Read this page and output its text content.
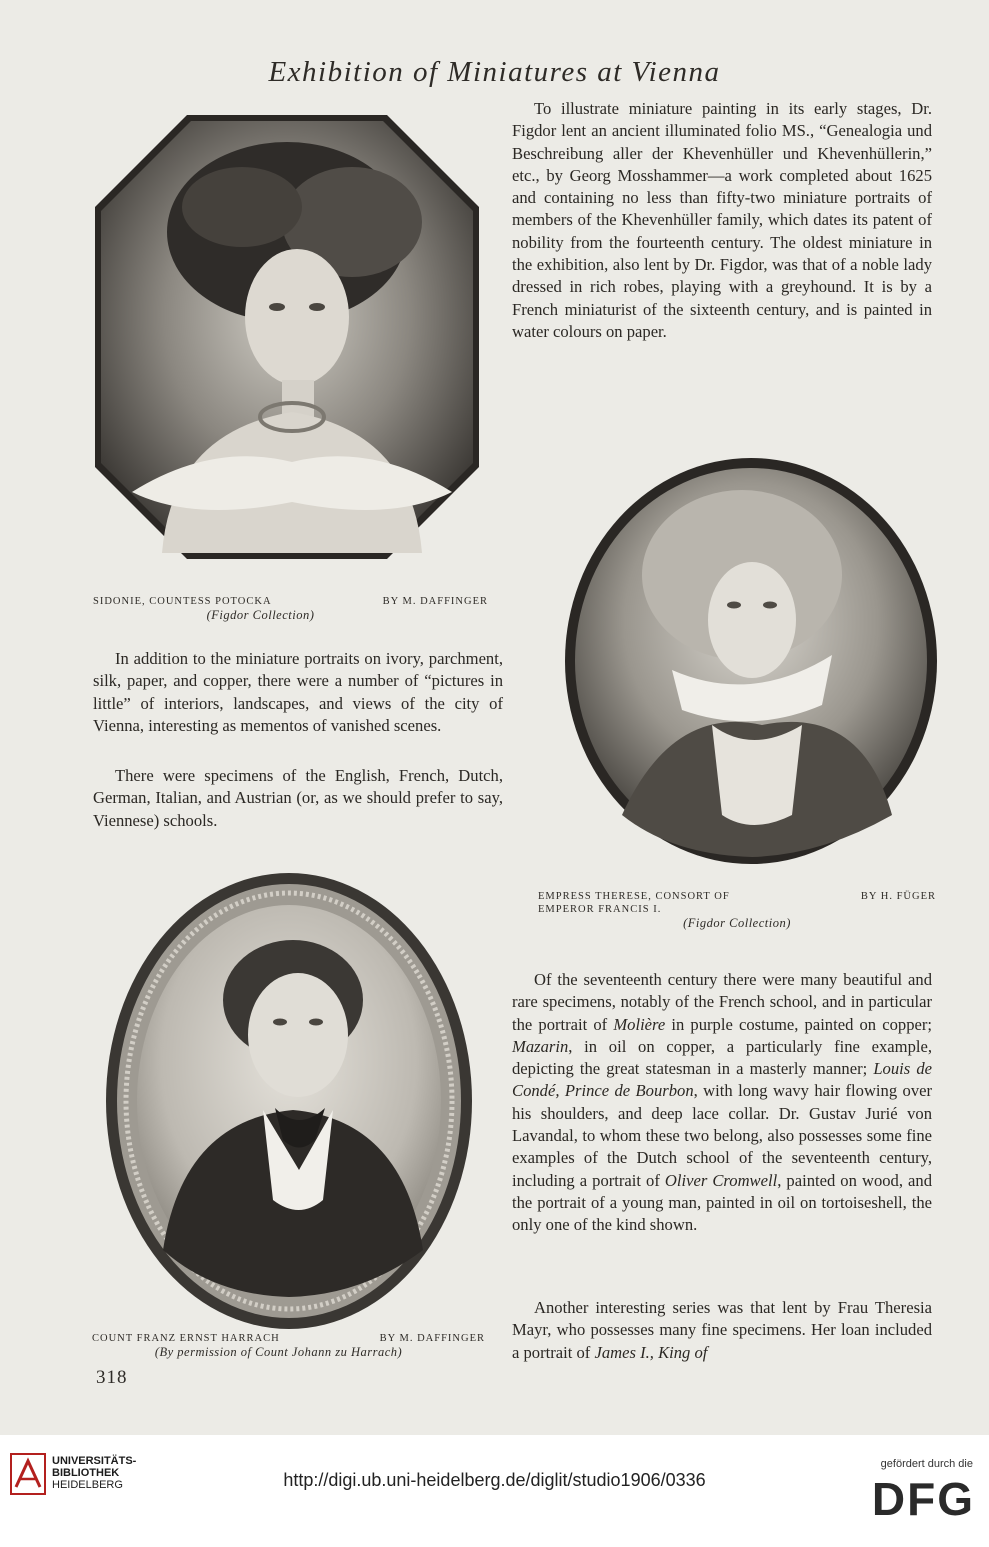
Exhibition of Miniatures at Vienna
SIDONIE, COUNTESS POTOCKA	BY M. DAFFINGER
(Figdor Collection)
EMPRESS THERESE, CONSORT OF	BY H. FÜGER
EMPEROR FRANCIS I.
(Figdor Collection)
COUNT FRANZ ERNST HARRACH	BY M. DAFFINGER
(By permission of Count Johann zu Harrach)

To illustrate miniature painting in its early stages, Dr. Figdor lent an ancient illuminated folio MS., “Genealogia und Beschreibung aller der Khevenhüller und Khevenhüllerin,” etc., by Georg Mosshammer—a work completed about 1625 and containing no less than fifty-two miniature portraits of members of the Khevenhüller family, which dates its patent of nobility from the fourteenth century. The oldest miniature in the exhibition, also lent by Dr. Figdor, was that of a noble lady dressed in rich robes, playing with a greyhound. It is by a French miniaturist of the sixteenth century, and is painted in water colours on paper.

In addition to the miniature portraits on ivory, parchment, silk, paper, and copper, there were a number of “pictures in little” of interiors, landscapes, and views of the city of Vienna, interesting as mementos of vanished scenes.

There were specimens of the English, French, Dutch, German, Italian, and Austrian (or, as we should prefer to say, Viennese) schools.

Of the seventeenth century there were many beautiful and rare specimens, notably of the French school, and in particular the portrait of Molière in purple costume, painted on copper; Mazarin, in oil on copper, a particularly fine example, depicting the great statesman in a masterly manner; Louis de Condé, Prince de Bourbon, with long wavy hair flowing over his shoulders, and deep lace collar. Dr. Gustav Jurié von Lavandal, to whom these two belong, also possesses some fine examples of the Dutch school of the seventeenth century, including a portrait of Oliver Cromwell, painted on wood, and the portrait of a young man, painted in oil on tortoiseshell, the only one of the kind shown.

Another interesting series was that lent by Frau Theresia Mayr, who possesses many fine specimens. Her loan included a portrait of James I., King of

318
UNIVERSITÄTS-
BIBLIOTHEK
HEIDELBERG	http://digi.ub.uni-heidelberg.de/diglit/studio1906/0336
gefördert durch die
DFG
